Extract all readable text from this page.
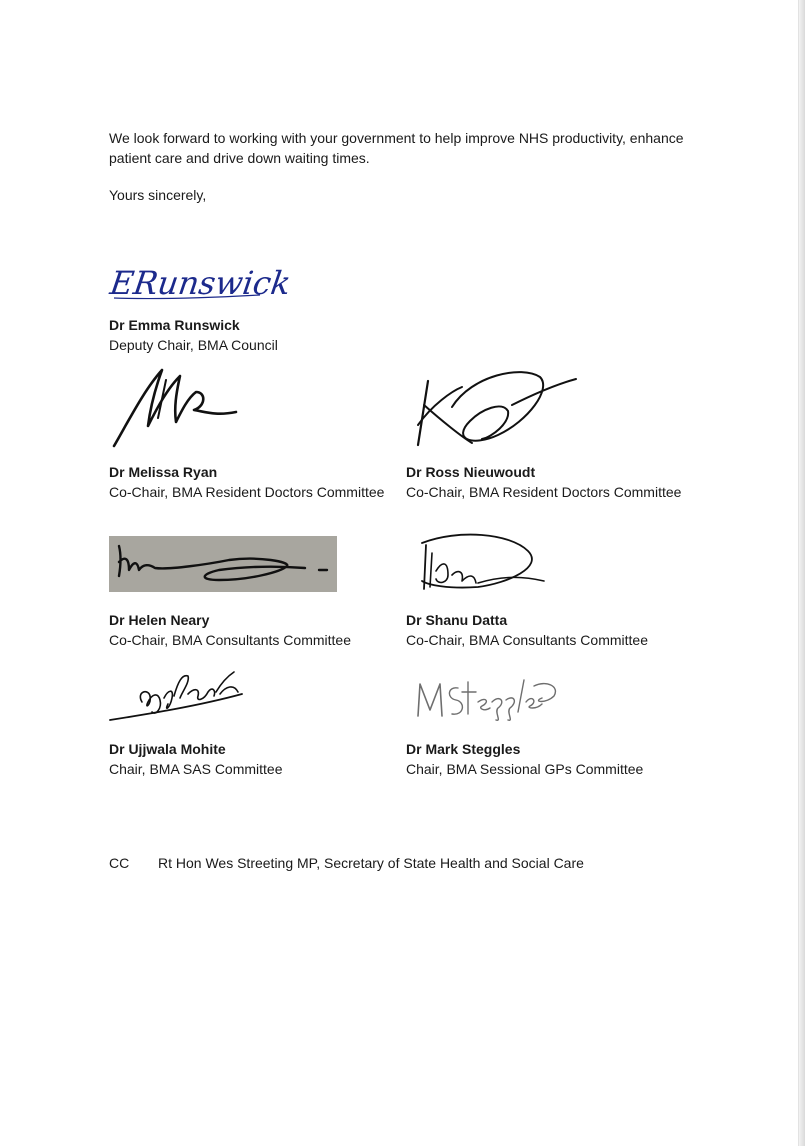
We look forward to working with your government to help improve NHS productivity, enhance patient care and drive down waiting times.

Yours sincerely,

ERunswick
Dr Emma Runswick
Deputy Chair, BMA Council
Dr Melissa Ryan
Co-Chair, BMA Resident Doctors Committee
Dr Ross Nieuwoudt
Co-Chair, BMA Resident Doctors Committee
Dr Helen Neary
Co-Chair, BMA Consultants Committee
Dr Shanu Datta
Co-Chair, BMA Consultants Committee
Dr Ujjwala Mohite
Chair, BMA SAS Committee
Dr Mark Steggles
Chair, BMA Sessional GPs Committee
CC Rt Hon Wes Streeting MP, Secretary of State Health and Social Care
